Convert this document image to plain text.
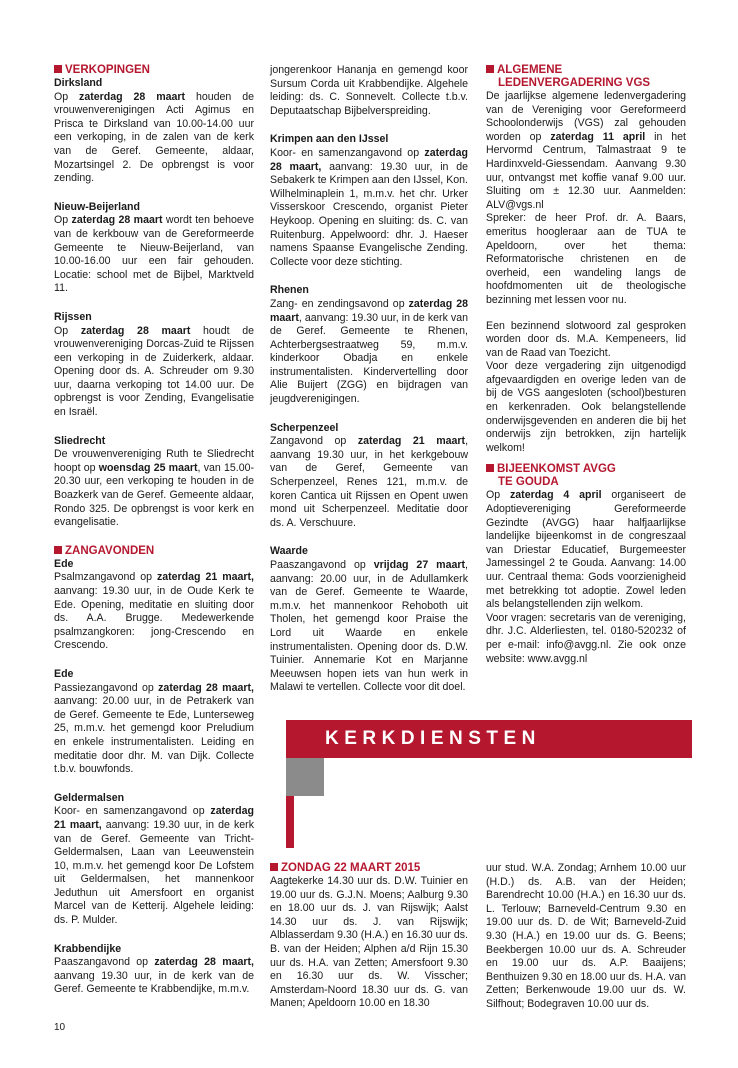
VERKOPINGEN
Dirksland

Op zaterdag 28 maart houden de vrouwenverenigingen Acti Agimus en Prisca te Dirksland van 10.00-14.00 uur een verkoping, in de zalen van de kerk van de Geref. Gemeente, aldaar, Mozartsingel 2. De opbrengst is voor zending.

Nieuw-Beijerland

Op zaterdag 28 maart wordt ten behoeve van de kerkbouw van de Gereformeerde Gemeente te Nieuw-Beijerland, van 10.00-16.00 uur een fair gehouden. Locatie: school met de Bijbel, Marktveld 11.

Rijssen

Op zaterdag 28 maart houdt de vrouwenvereniging Dorcas-Zuid te Rijssen een verkoping in de Zuiderkerk, aldaar. Opening door ds. A. Schreuder om 9.30 uur, daarna verkoping tot 14.00 uur. De opbrengst is voor Zending, Evangelisatie en Israël.

Sliedrecht

De vrouwenvereniging Ruth te Sliedrecht hoopt op woensdag 25 maart, van 15.00-20.30 uur, een verkoping te houden in de Boazkerk van de Geref. Gemeente aldaar, Rondo 325. De opbrengst is voor kerk en evangelisatie.

ZANGAVONDEN
Ede

Psalmzangavond op zaterdag 21 maart, aanvang: 19.30 uur, in de Oude Kerk te Ede. Opening, meditatie en sluiting door ds. A.A. Brugge. Medewerkende psalmzangkoren: jong-Crescendo en Crescendo.

Ede

Passiezangavond op zaterdag 28 maart, aanvang: 20.00 uur, in de Petrakerk van de Geref. Gemeente te Ede, Lunterseweg 25, m.m.v. het gemengd koor Preludium en enkele instrumentalisten. Leiding en meditatie door dhr. M. van Dijk. Collecte t.b.v. bouwfonds.

Geldermalsen

Koor- en samenzangavond op zaterdag 21 maart, aanvang: 19.30 uur, in de kerk van de Geref. Gemeente van Tricht-Geldermalsen, Laan van Leeuwenstein 10, m.m.v. het gemengd koor De Lofstem uit Geldermalsen, het mannenkoor Jeduthun uit Amersfoort en organist Marcel van de Ketterij. Algehele leiding: ds. P. Mulder.

Krabbendijke

Paaszangavond op zaterdag 28 maart, aanvang 19.30 uur, in de kerk van de Geref. Gemeente te Krabbendijke, m.m.v.

jongerenkoor Hananja en gemengd koor Sursum Corda uit Krabbendijke. Algehele leiding: ds. C. Sonnevelt. Collecte t.b.v. Deputaatschap Bijbelverspreiding.

Krimpen aan den IJssel

Koor- en samenzangavond op zaterdag 28 maart, aanvang: 19.30 uur, in de Sebakerk te Krimpen aan den IJssel, Kon. Wilhelminaplein 1, m.m.v. het chr. Urker Visserskoor Crescendo, organist Pieter Heykoop. Opening en sluiting: ds. C. van Ruitenburg. Appelwoord: dhr. J. Haeser namens Spaanse Evangelische Zending. Collecte voor deze stichting.

Rhenen

Zang- en zendingsavond op zaterdag 28 maart, aanvang: 19.30 uur, in de kerk van de Geref. Gemeente te Rhenen, Achterbergsestraatweg 59, m.m.v. kinderkoor Obadja en enkele instrumentalisten. Kindervertelling door Alie Buijert (ZGG) en bijdragen van jeugdverenigingen.

Scherpenzeel

Zangavond op zaterdag 21 maart, aanvang 19.30 uur, in het kerkgebouw van de Geref, Gemeente van Scherpenzeel, Renes 121, m.m.v. de koren Cantica uit Rijssen en Opent uwen mond uit Scherpenzeel. Meditatie door ds. A. Verschuure.

Waarde

Paaszangavond op vrijdag 27 maart, aanvang: 20.00 uur, in de Adullamkerk van de Geref. Gemeente te Waarde, m.m.v. het mannenkoor Rehoboth uit Tholen, het gemengd koor Praise the Lord uit Waarde en enkele instrumentalisten. Opening door ds. D.W. Tuinier. Annemarie Kot en Marjanne Meeuwsen hopen iets van hun werk in Malawi te vertellen. Collecte voor dit doel.

ALGEMENE
LEDENVERGADERING VGS

De jaarlijkse algemene ledenvergadering van de Vereniging voor Gereformeerd Schoolonderwijs (VGS) zal gehouden worden op zaterdag 11 april in het Hervormd Centrum, Talmastraat 9 te Hardinxveld-Giessendam. Aanvang 9.30 uur, ontvangst met koffie vanaf 9.00 uur. Sluiting om ± 12.30 uur. Aanmelden: ALV@vgs.nl

Spreker: de heer Prof. dr. A. Baars, emeritus hoogleraar aan de TUA te Apeldoorn, over het thema: Reformatorische christenen en de overheid, een wandeling langs de hoofdmomenten uit de theologische bezinning met lessen voor nu.

Een bezinnend slotwoord zal gesproken worden door ds. M.A. Kempeneers, lid van de Raad van Toezicht.

Voor deze vergadering zijn uitgenodigd afgevaardigden en overige leden van de bij de VGS aangesloten (school)besturen en kerkenraden. Ook belangstellende onderwijsgevenden en anderen die bij het onderwijs zijn betrokken, zijn hartelijk welkom!

BIJEENKOMST AVGG
TE GOUDA

Op zaterdag 4 april organiseert de Adoptievereniging Gereformeerde Gezindte (AVGG) haar halfjaarlijkse landelijke bijeenkomst in de congreszaal van Driestar Educatief, Burgemeester Jamessingel 2 te Gouda. Aanvang: 14.00 uur. Centraal thema: Gods voorzienigheid met betrekking tot adoptie. Zowel leden als belangstellenden zijn welkom.

Voor vragen: secretaris van de vereniging, dhr. J.C. Alderliesten, tel. 0180-520232 of per e-mail: info@avgg.nl. Zie ook onze website: www.avgg.nl

KERKDIENSTEN
ZONDAG 22 MAART 2015

Aagtekerke 14.30 uur ds. D.W. Tuinier en 19.00 uur ds. G.J.N. Moens; Aalburg 9.30 en 18.00 uur ds. J. van Rijswijk; Aalst 14.30 uur ds. J. van Rijswijk; Alblasserdam 9.30 (H.A.) en 16.30 uur ds. B. van der Heiden; Alphen a/d Rijn 15.30 uur ds. H.A. van Zetten; Amersfoort 9.30 en 16.30 uur ds. W. Visscher; Amsterdam-Noord 18.30 uur ds. G. van Manen; Apeldoorn 10.00 en 18.30

uur stud. W.A. Zondag; Arnhem 10.00 uur (H.D.) ds. A.B. van der Heiden; Barendrecht 10.00 (H.A.) en 16.30 uur ds. L. Terlouw; Barneveld-Centrum 9.30 en 19.00 uur ds. D. de Wit; Barneveld-Zuid 9.30 (H.A.) en 19.00 uur ds. G. Beens; Beekbergen 10.00 uur ds. A. Schreuder en 19.00 uur ds. A.P. Baaijens; Benthuizen 9.30 en 18.00 uur ds. H.A. van Zetten; Berkenwoude 19.00 uur ds. W. Silfhout; Bodegraven 10.00 uur ds.

10
